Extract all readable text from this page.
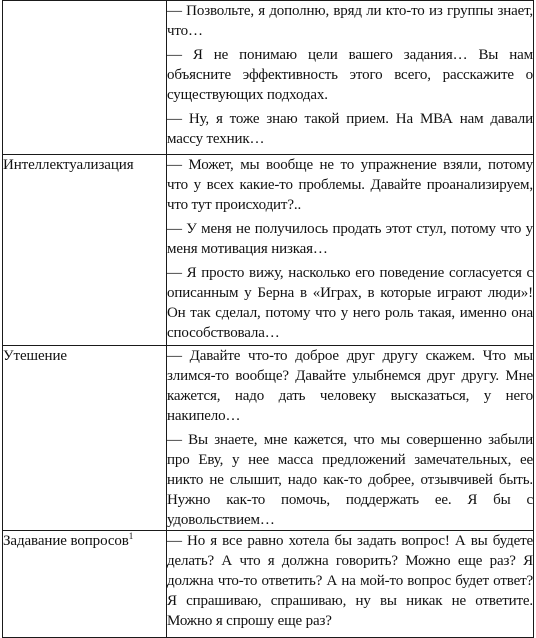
	— Позвольте, я дополню, вряд ли кто-то из группы знает, что…

— Я не понимаю цели вашего задания… Вы нам объясните эффективность этого всего, расскажите о существующих подходах.

— Ну, я тоже знаю такой прием. На МВА нам давали массу техник…

Интеллектуализация	— Может, мы вообще не то упражнение взяли, потому что у всех какие-то проблемы. Давайте проанализируем, что тут происходит?..

— У меня не получилось продать этот стул, потому что у меня мотивация низкая…

— Я просто вижу, насколько его поведение согласуется с описанным у Берна в «Играх, в которые играют люди»! Он так сделал, потому что у него роль такая, именно она способствовала…

Утешение	— Давайте что-то доброе друг другу скажем. Что мы злимся-то вообще? Давайте улыбнемся друг другу. Мне кажется, надо дать человеку высказаться, у него накипело…

— Вы знаете, мне кажется, что мы совершенно забыли про Еву, у нее масса предложений замечательных, ее никто не слышит, надо как-то добрее, отзывчивей быть. Нужно как-то помочь, поддержать ее. Я бы с удовольствием…

Задавание вопросов$^1$	— Но я все равно хотела бы задать вопрос! А вы будете делать? А что я должна говорить? Можно еще раз? Я должна что-то ответить? А на мой-то вопрос будет ответ? Я спрашиваю, спрашиваю, ну вы никак не ответите. Можно я спрошу еще раз?
